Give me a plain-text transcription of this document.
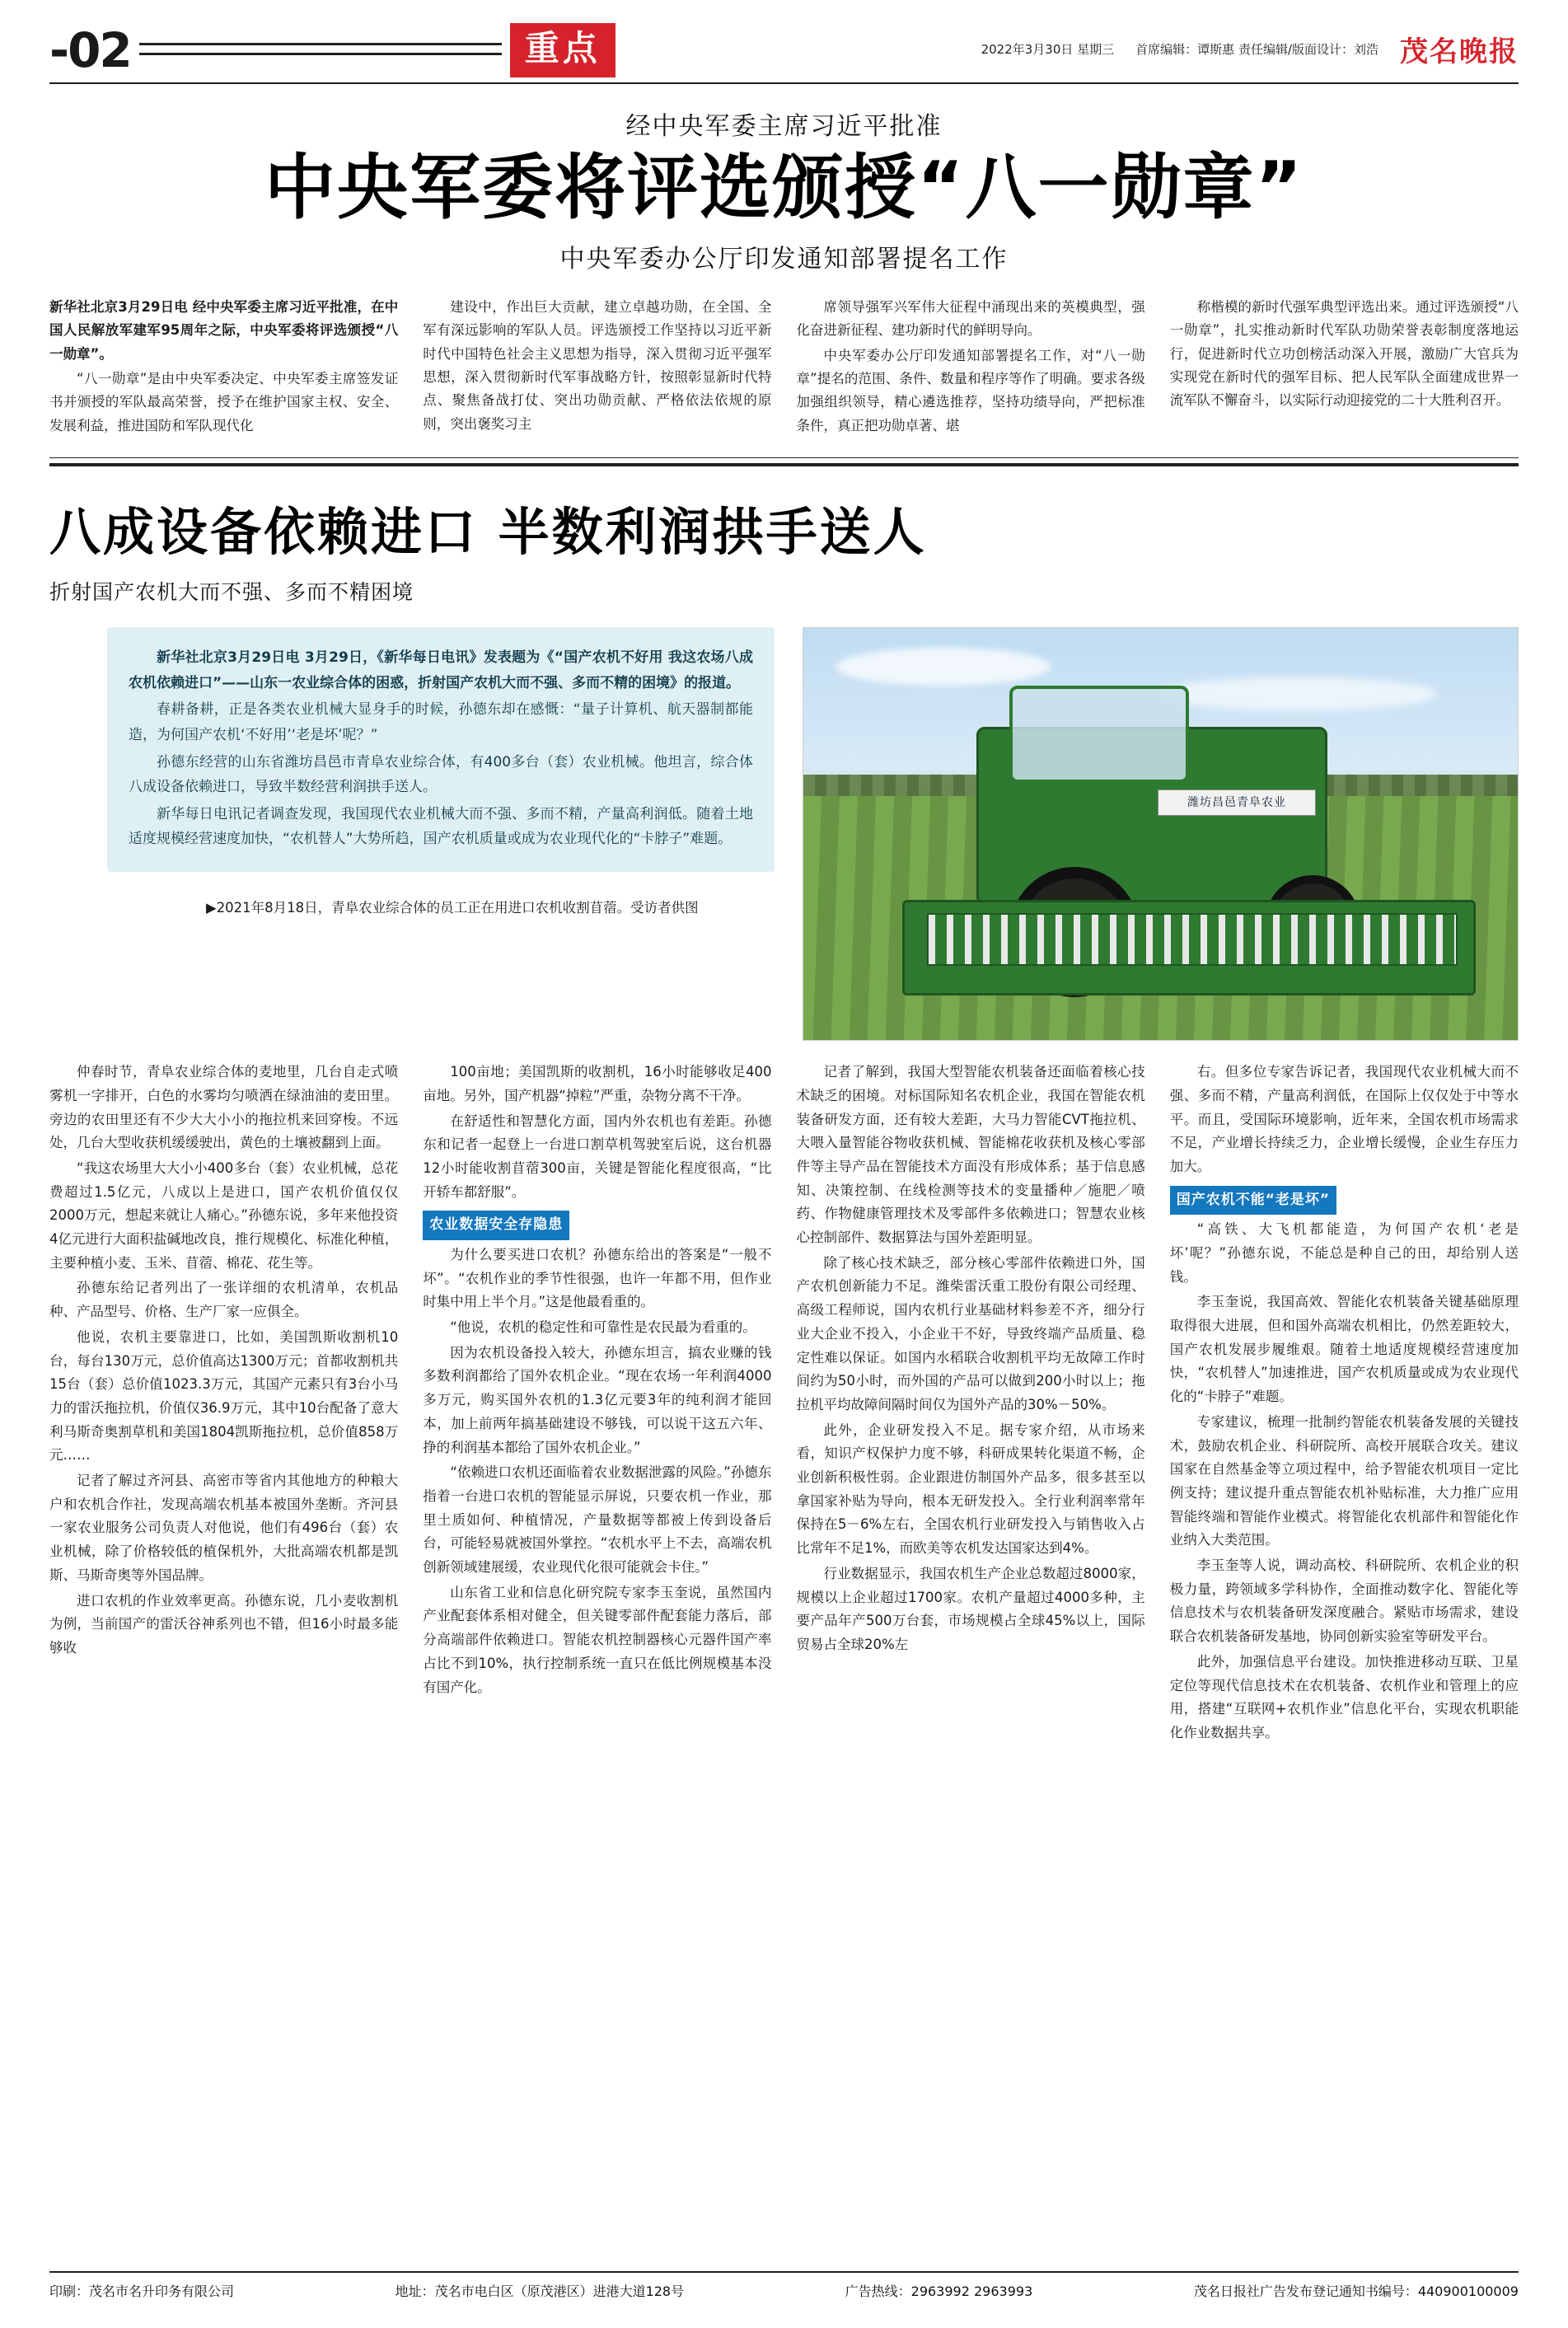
-02	重点	2022年3月30日 星期三 首席编辑：谭斯惠 责任编辑/版面设计：刘浩 茂名晚报
经中央军委主席习近平批准
中央军委将评选颁授“八一勋章”
中央军委办公厅印发通知部署提名工作

新华社北京3月29日电 经中央军委主席习近平批准，在中国人民解放军建军95周年之际，中央军委将评选颁授“八一勋章”。

“八一勋章”是由中央军委决定、中央军委主席签发证书并颁授的军队最高荣誉，授予在维护国家主权、安全、发展利益，推进国防和军队现代化

建设中，作出巨大贡献，建立卓越功勋，在全国、全军有深远影响的军队人员。评选颁授工作坚持以习近平新时代中国特色社会主义思想为指导，深入贯彻习近平强军思想，深入贯彻新时代军事战略方针，按照彰显新时代特点、聚焦备战打仗、突出功勋贡献、严格依法依规的原则，突出褒奖习主

席领导强军兴军伟大征程中涌现出来的英模典型，强化奋进新征程、建功新时代的鲜明导向。

中央军委办公厅印发通知部署提名工作，对“八一勋章”提名的范围、条件、数量和程序等作了明确。要求各级加强组织领导，精心遴选推荐，坚持功绩导向，严把标准条件，真正把功勋卓著、堪

称楷模的新时代强军典型评选出来。通过评选颁授“八一勋章”，扎实推动新时代军队功勋荣誉表彰制度落地运行，促进新时代立功创榜活动深入开展，激励广大官兵为实现党在新时代的强军目标、把人民军队全面建成世界一流军队不懈奋斗，以实际行动迎接党的二十大胜利召开。

八成设备依赖进口 半数利润拱手送人
折射国产农机大而不强、多而不精困境

新华社北京3月29日电 3月29日，《新华每日电讯》发表题为《“国产农机不好用 我这农场八成农机依赖进口”——山东一农业综合体的困惑，折射国产农机大而不强、多而不精的困境》的报道。

春耕备耕，正是各类农业机械大显身手的时候，孙德东却在感慨：“量子计算机、航天器制都能造，为何国产农机‘不好用’‘老是坏’呢？”

孙德东经营的山东省潍坊昌邑市青阜农业综合体，有400多台（套）农业机械。他坦言，综合体八成设备依赖进口，导致半数经营利润拱手送人。

新华每日电讯记者调查发现，我国现代农业机械大而不强、多而不精，产量高利润低。随着土地适度规模经营速度加快，“农机替人”大势所趋，国产农机质量或成为农业现代化的“卡脖子”难题。

▶2021年8月18日，青阜农业综合体的员工正在用进口农机收割苜蓿。受访者供图
潍坊昌邑青阜农业

仲春时节，青阜农业综合体的麦地里，几台自走式喷雾机一字排开，白色的水雾均匀喷洒在绿油油的麦田里。旁边的农田里还有不少大大小小的拖拉机来回穿梭。不远处，几台大型收获机缓缓驶出，黄色的土壤被翻到上面。

“我这农场里大大小小400多台（套）农业机械，总花费超过1.5亿元，八成以上是进口，国产农机价值仅仅2000万元，想起来就让人痛心。”孙德东说，多年来他投资4亿元进行大面积盐碱地改良，推行规模化、标准化种植，主要种植小麦、玉米、苜蓿、棉花、花生等。

孙德东给记者列出了一张详细的农机清单，农机品种、产品型号、价格、生产厂家一应俱全。

他说，农机主要靠进口，比如，美国凯斯收割机10台，每台130万元，总价值高达1300万元；首都收割机共15台（套）总价值1023.3万元，其国产元素只有3台小马力的雷沃拖拉机，价值仅36.9万元，其中10台配备了意大利马斯奇奥割草机和美国1804凯斯拖拉机，总价值858万元……

记者了解过齐河县、高密市等省内其他地方的种粮大户和农机合作社，发现高端农机基本被国外垄断。齐河县一家农业服务公司负责人对他说，他们有496台（套）农业机械，除了价格较低的植保机外，大批高端农机都是凯斯、马斯奇奥等外国品牌。

进口农机的作业效率更高。孙德东说，几小麦收割机为例，当前国产的雷沃谷神系列也不错，但16小时最多能够收

100亩地；美国凯斯的收割机，16小时能够收足400亩地。另外，国产机器“掉粒”严重，杂物分离不干净。

在舒适性和智慧化方面，国内外农机也有差距。孙德东和记者一起登上一台进口割草机驾驶室后说，这台机器12小时能收割苜蓿300亩，关键是智能化程度很高，“比开轿车都舒服”。

农业数据安全存隐患

为什么要买进口农机？孙德东给出的答案是“一般不坏”。“农机作业的季节性很强，也许一年都不用，但作业时集中用上半个月。”这是他最看重的。

“他说，农机的稳定性和可靠性是农民最为看重的。

因为农机设备投入较大，孙德东坦言，搞农业赚的钱多数利润都给了国外农机企业。“现在农场一年利润4000多万元，购买国外农机的1.3亿元要3年的纯利润才能回本，加上前两年搞基础建设不够钱，可以说干这五六年、挣的利润基本都给了国外农机企业。”

“依赖进口农机还面临着农业数据泄露的风险。”孙德东指着一台进口农机的智能显示屏说，只要农机一作业，那里土质如何、种植情况，产量数据等都被上传到设备后台，可能轻易就被国外掌控。“农机水平上不去，高端农机创新领域建展缓，农业现代化很可能就会卡住。”

山东省工业和信息化研究院专家李玉奎说，虽然国内产业配套体系相对健全，但关键零部件配套能力落后，部分高端部件依赖进口。智能农机控制器核心元器件国产率占比不到10%，执行控制系统一直只在低比例规模基本没有国产化。

记者了解到，我国大型智能农机装备还面临着核心技术缺乏的困境。对标国际知名农机企业，我国在智能农机装备研发方面，还有较大差距，大马力智能CVT拖拉机、大喂入量智能谷物收获机械、智能棉花收获机及核心零部件等主导产品在智能技术方面没有形成体系；基于信息感知、决策控制、在线检测等技术的变量播种／施肥／喷药、作物健康管理技术及零部件多依赖进口；智慧农业核心控制部件、数据算法与国外差距明显。

除了核心技术缺乏，部分核心零部件依赖进口外，国产农机创新能力不足。潍柴雷沃重工股份有限公司经理、高级工程师说，国内农机行业基础材料参差不齐，细分行业大企业不投入，小企业干不好，导致终端产品质量、稳定性难以保证。如国内水稻联合收割机平均无故障工作时间约为50小时，而外国的产品可以做到200小时以上；拖拉机平均故障间隔时间仅为国外产品的30%－50%。

此外，企业研发投入不足。据专家介绍，从市场来看，知识产权保护力度不够，科研成果转化渠道不畅，企业创新积极性弱。企业跟进仿制国外产品多，很多甚至以拿国家补贴为导向，根本无研发投入。全行业利润率常年保持在5－6%左右，全国农机行业研发投入与销售收入占比常年不足1%，而欧美等农机发达国家达到4%。

行业数据显示，我国农机生产企业总数超过8000家，规模以上企业超过1700家。农机产量超过4000多种，主要产品年产500万台套，市场规模占全球45%以上，国际贸易占全球20%左

右。但多位专家告诉记者，我国现代农业机械大而不强、多而不精，产量高利润低，在国际上仅仅处于中等水平。而且，受国际环境影响，近年来，全国农机市场需求不足，产业增长持续乏力，企业增长缓慢，企业生存压力加大。

国产农机不能“老是坏”

“高铁、大飞机都能造，为何国产农机‘老是坏’呢？”孙德东说，不能总是种自己的田，却给别人送钱。

李玉奎说，我国高效、智能化农机装备关键基础原理取得很大进展，但和国外高端农机相比，仍然差距较大，国产农机发展步履维艰。随着土地适度规模经营速度加快，“农机替人”加速推进，国产农机质量或成为农业现代化的“卡脖子”难题。

专家建议，梳理一批制约智能农机装备发展的关键技术，鼓励农机企业、科研院所、高校开展联合攻关。建议国家在自然基金等立项过程中，给予智能农机项目一定比例支持；建议提升重点智能农机补贴标准，大力推广应用智能终端和智能作业模式。将智能化农机部件和智能化作业纳入大类范围。

李玉奎等人说，调动高校、科研院所、农机企业的积极力量，跨领域多学科协作，全面推动数字化、智能化等信息技术与农机装备研发深度融合。紧贴市场需求，建设联合农机装备研发基地，协同创新实验室等研发平台。

此外，加强信息平台建设。加快推进移动互联、卫星定位等现代信息技术在农机装备、农机作业和管理上的应用，搭建“互联网+农机作业”信息化平台，实现农机职能化作业数据共享。

印刷：茂名市名升印务有限公司	地址：茂名市电白区（原茂港区）进港大道128号	广告热线：2963992 2963993	茂名日报社广告发布登记通知书编号：440900100009
